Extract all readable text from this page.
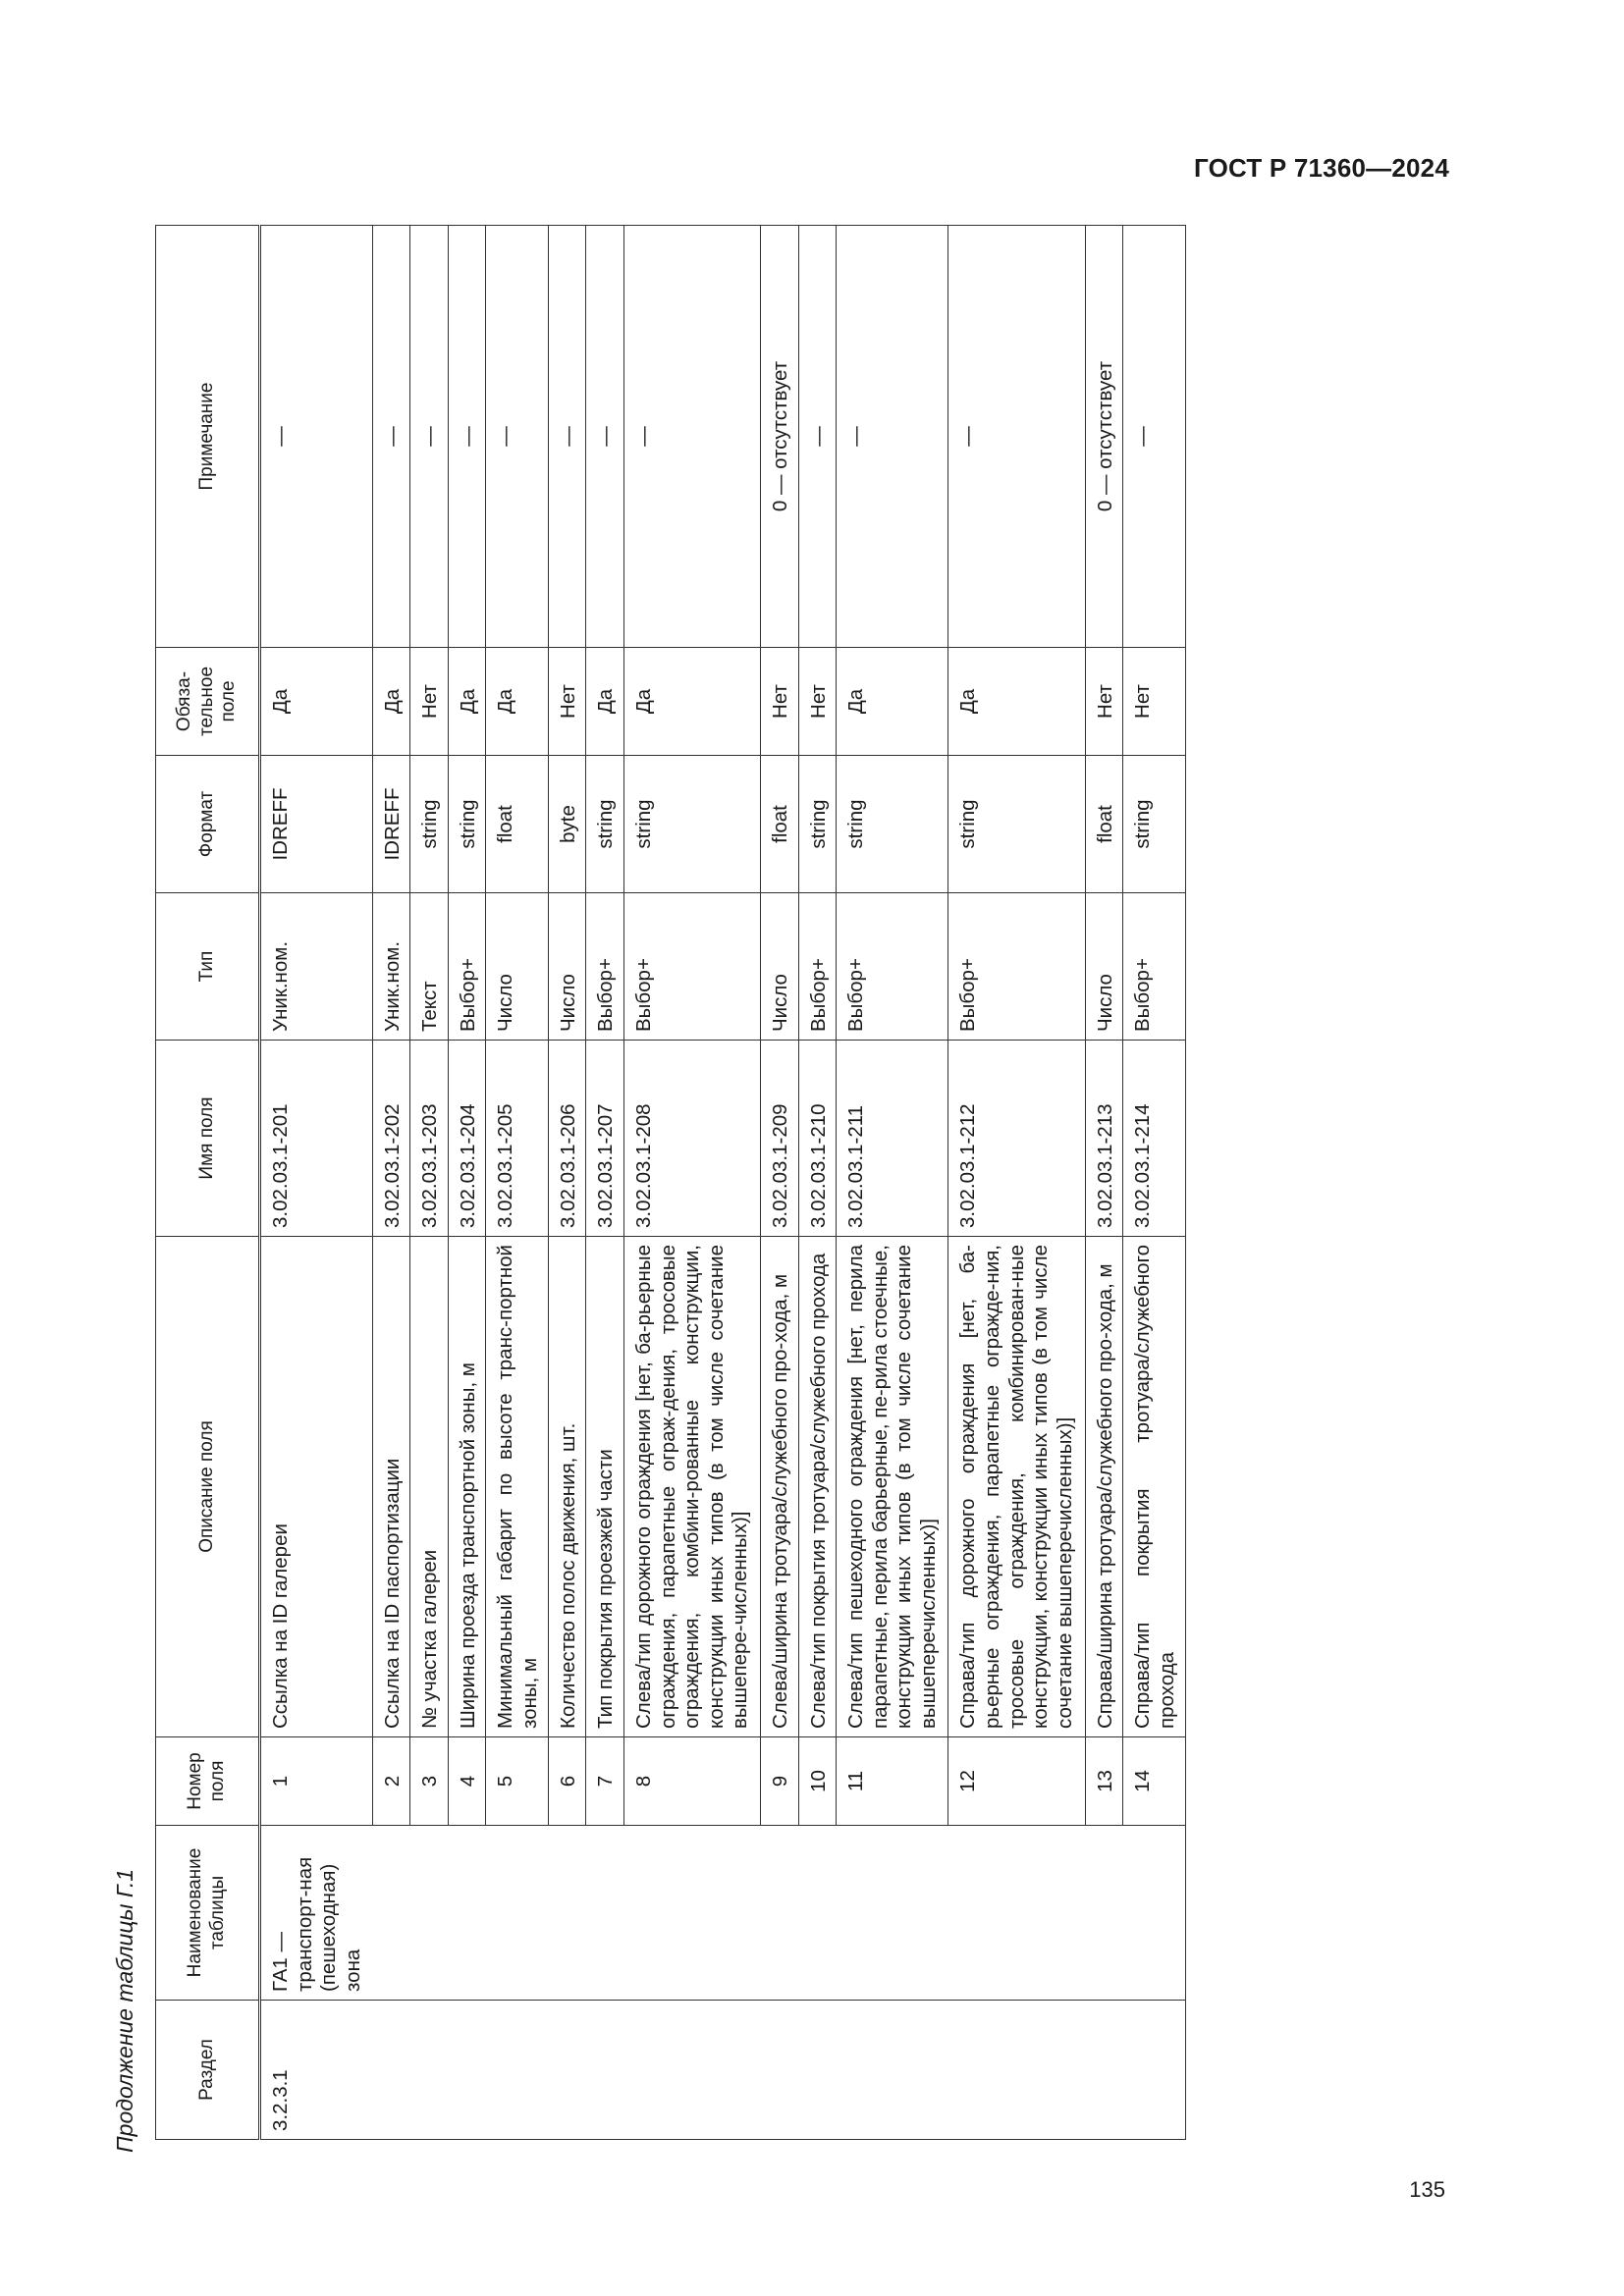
ГОСТ Р 71360—2024
Продолжение таблицы Г.1	Раздел	Наименование таблицы	Номер поля	Описание поля	Имя поля	Тип	Формат	Обяза-тельное поле	Примечание
3.2.3.1	ГА1 — транспорт-ная (пешеходная) зона	1	Ссылка на ID галереи	3.02.03.1-201	Уник.ном.	IDREFF	Да	—
		2	Ссылка на ID паспортизации	3.02.03.1-202	Уник.ном.	IDREFF	Да	—
		3	№ участка галереи	3.02.03.1-203	Текст	string	Нет	—
		4	Ширина проезда транспортной зоны, м	3.02.03.1-204	Выбор+	string	Да	—
		5	Минимальный габарит по высоте транс-портной зоны, м	3.02.03.1-205	Число	float	Да	—
		6	Количество полос движения, шт.	3.02.03.1-206	Число	byte	Нет	—
		7	Тип покрытия проезжей части	3.02.03.1-207	Выбор+	string	Да	—
		8	Слева/тип дорожного ограждения [нет, ба-рьерные ограждения, парапетные ограж-дения, тросовые ограждения, комбини-рованные конструкции, конструкции иных типов (в том числе сочетание вышепере-численных)]	3.02.03.1-208	Выбор+	string	Да	—
		9	Слева/ширина тротуара/служебного про-хода, м	3.02.03.1-209	Число	float	Нет	0 — отсутствует
		10	Слева/тип покрытия тротуара/служебного прохода	3.02.03.1-210	Выбор+	string	Нет	—
		11	Слева/тип пешеходного ограждения [нет, перила парапетные, перила барьерные, пе-рила стоечные, конструкции иных типов (в том числе сочетание вышеперечисленных)]	3.02.03.1-211	Выбор+	string	Да	—
		12	Справа/тип дорожного ограждения [нет, ба-рьерные ограждения, парапетные огражде-ния, тросовые ограждения, комбинирован-ные конструкции, конструкции иных типов (в том числе сочетание вышеперечисленных)]	3.02.03.1-212	Выбор+	string	Да	—
		13	Справа/ширина тротуара/служебного про-хода, м	3.02.03.1-213	Число	float	Нет	0 — отсутствует
		14	Справа/тип покрытия тротуара/служебного прохода	3.02.03.1-214	Выбор+	string	Нет	—
135
